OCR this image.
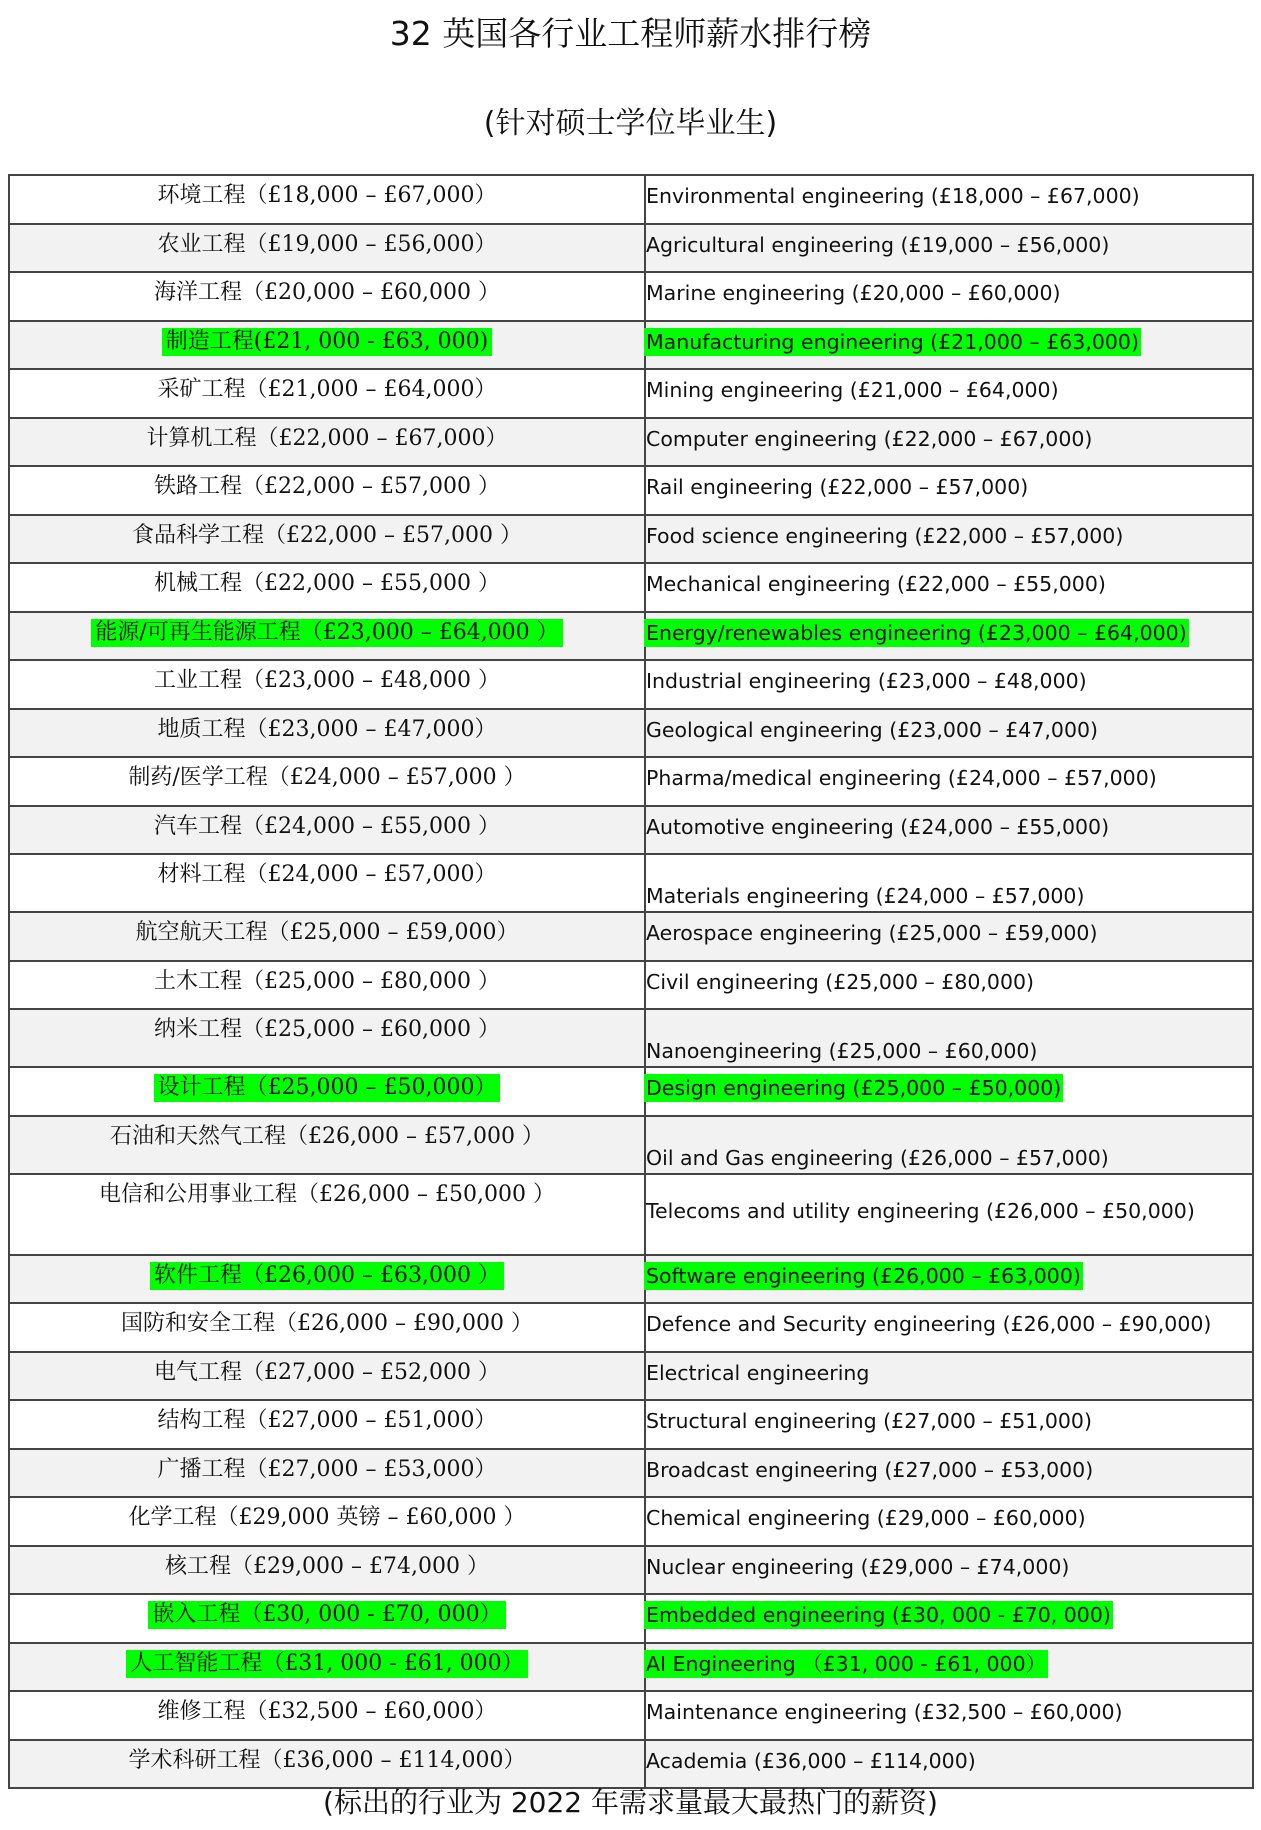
32 英国各行业工程师薪水排行榜
(针对硕士学位毕业生)
环境工程（£18,000 – £67,000）	Environmental engineering (£18,000 – £67,000)
农业工程（£19,000 – £56,000）	Agricultural engineering (£19,000 – £56,000)
海洋工程（£20,000 – £60,000 ）	Marine engineering (£20,000 – £60,000)
制造工程(£21, 000 - £63, 000)	Manufacturing engineering (£21,000 – £63,000)
采矿工程（£21,000 – £64,000）	Mining engineering (£21,000 – £64,000)
计算机工程（£22,000 – £67,000）	Computer engineering (£22,000 – £67,000)
铁路工程（£22,000 – £57,000 ）	Rail engineering (£22,000 – £57,000)
食品科学工程（£22,000 – £57,000 ）	Food science engineering (£22,000 – £57,000)
机械工程（£22,000 – £55,000 ）	Mechanical engineering (£22,000 – £55,000)
能源/可再生能源工程（£23,000 – £64,000 ）	Energy/renewables engineering (£23,000 – £64,000)
工业工程（£23,000 – £48,000 ）	Industrial engineering (£23,000 – £48,000)
地质工程（£23,000 – £47,000）	Geological engineering (£23,000 – £47,000)
制药/医学工程（£24,000 – £57,000 ）	Pharma/medical engineering (£24,000 – £57,000)
汽车工程（£24,000 – £55,000 ）	Automotive engineering (£24,000 – £55,000)
材料工程（£24,000 – £57,000）	Materials engineering (£24,000 – £57,000)
航空航天工程（£25,000 – £59,000）	Aerospace engineering (£25,000 – £59,000)
土木工程（£25,000 – £80,000 ）	Civil engineering (£25,000 – £80,000)
纳米工程（£25,000 – £60,000 ）	Nanoengineering (£25,000 – £60,000)
设计工程（£25,000 – £50,000）	Design engineering (£25,000 – £50,000)
石油和天然气工程（£26,000 – £57,000 ）	Oil and Gas engineering (£26,000 – £57,000)
电信和公用事业工程（£26,000 – £50,000 ）	Telecoms and utility engineering (£26,000 – £50,000)
软件工程（£26,000 – £63,000 ）	Software engineering (£26,000 – £63,000)
国防和安全工程（£26,000 – £90,000 ）	Defence and Security engineering (£26,000 – £90,000)
电气工程（£27,000 – £52,000 ）	Electrical engineering
结构工程（£27,000 – £51,000）	Structural engineering (£27,000 – £51,000)
广播工程（£27,000 – £53,000）	Broadcast engineering (£27,000 – £53,000)
化学工程（£29,000 英镑 – £60,000 ）	Chemical engineering (£29,000 – £60,000)
核工程（£29,000 – £74,000 ）	Nuclear engineering (£29,000 – £74,000)
嵌入工程（£30, 000 - £70, 000）	Embedded engineering (£30, 000 - £70, 000)
人工智能工程（£31, 000 - £61, 000）	AI Engineering （£31, 000 - £61, 000）
维修工程（£32,500 – £60,000）	Maintenance engineering (£32,500 – £60,000)
学术科研工程（£36,000 – £114,000）	Academia (£36,000 – £114,000)
(标出的行业为 2022 年需求量最大最热门的薪资)
